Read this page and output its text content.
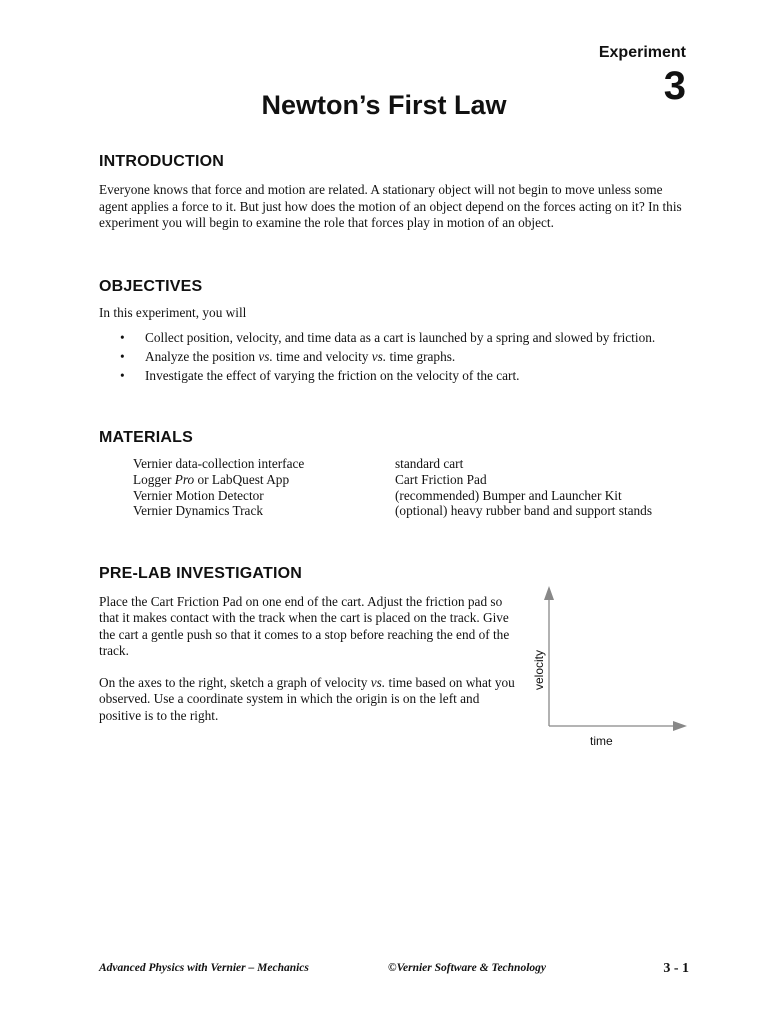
Experiment
3
Newton’s First Law
INTRODUCTION

Everyone knows that force and motion are related. A stationary object will not begin to move unless some agent applies a force to it. But just how does the motion of an object depend on the forces acting on it? In this experiment you will begin to examine the role that forces play in motion of an object.

OBJECTIVES

In this experiment, you will

• Collect position, velocity, and time data as a cart is launched by a spring and slowed by friction.
• Analyze the position vs. time and velocity vs. time graphs.
• Investigate the effect of varying the friction on the velocity of the cart.
MATERIALS
Vernier data-collection interface	standard cart
Logger Pro or LabQuest App	Cart Friction Pad
Vernier Motion Detector	(recommended) Bumper and Launcher Kit
Vernier Dynamics Track	(optional) heavy rubber band and support stands
PRE-LAB INVESTIGATION

Place the Cart Friction Pad on one end of the cart. Adjust the friction pad so that it makes contact with the track when the cart is placed on the track. Give the cart a gentle push so that it comes to a stop before reaching the end of the track.

On the axes to the right, sketch a graph of velocity vs. time based on what you observed. Use a coordinate system in which the origin is on the left and positive is to the right.

velocity
time
Advanced Physics with Vernier – Mechanics	©Vernier Software & Technology	3 - 1
